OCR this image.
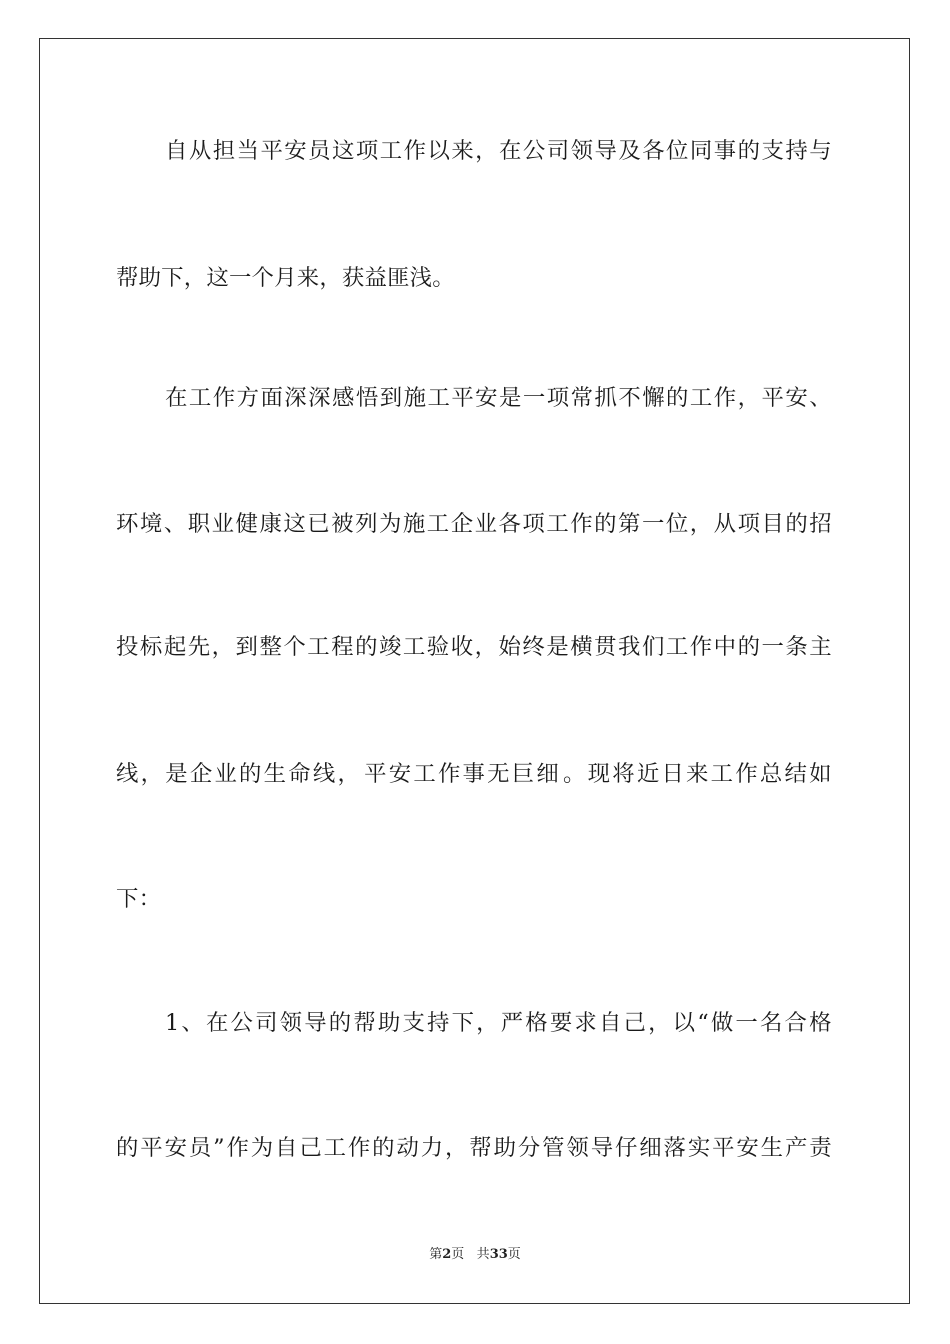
自 从 担 当 平 安 员 这 项 工 作 以 来 ， 在 公 司 领 导 及 各 位 同 事 的 支 持 与
帮助下，这一个月来，获益匪浅。
在 工 作 方 面 深 深 感 悟 到 施 工 平 安 是 一 项 常 抓 不 懈 的 工 作 ， 平 安 、
环 境 、 职 业 健 康 这 已 被 列 为 施 工 企 业 各 项 工 作 的 第 一 位 ， 从 项 目 的 招
投 标 起 先 ， 到 整 个 工 程 的 竣 工 验 收 ， 始 终 是 横 贯 我 们 工 作 中 的 一 条 主
线 ， 是 企 业 的 生 命 线 ， 平 安 工 作 事 无 巨 细 。 现 将 近 日 来 工 作 总 结 如
下：
1 、 在 公 司 领 导 的 帮 助 支 持 下 ， 严 格 要 求 自 己 ， 以 “ 做 一 名 合 格
的 平 安 员 ” 作 为 自 己 工 作 的 动 力 ， 帮 助 分 管 领 导 仔 细 落 实 平 安 生 产 责
第2页 共33页
